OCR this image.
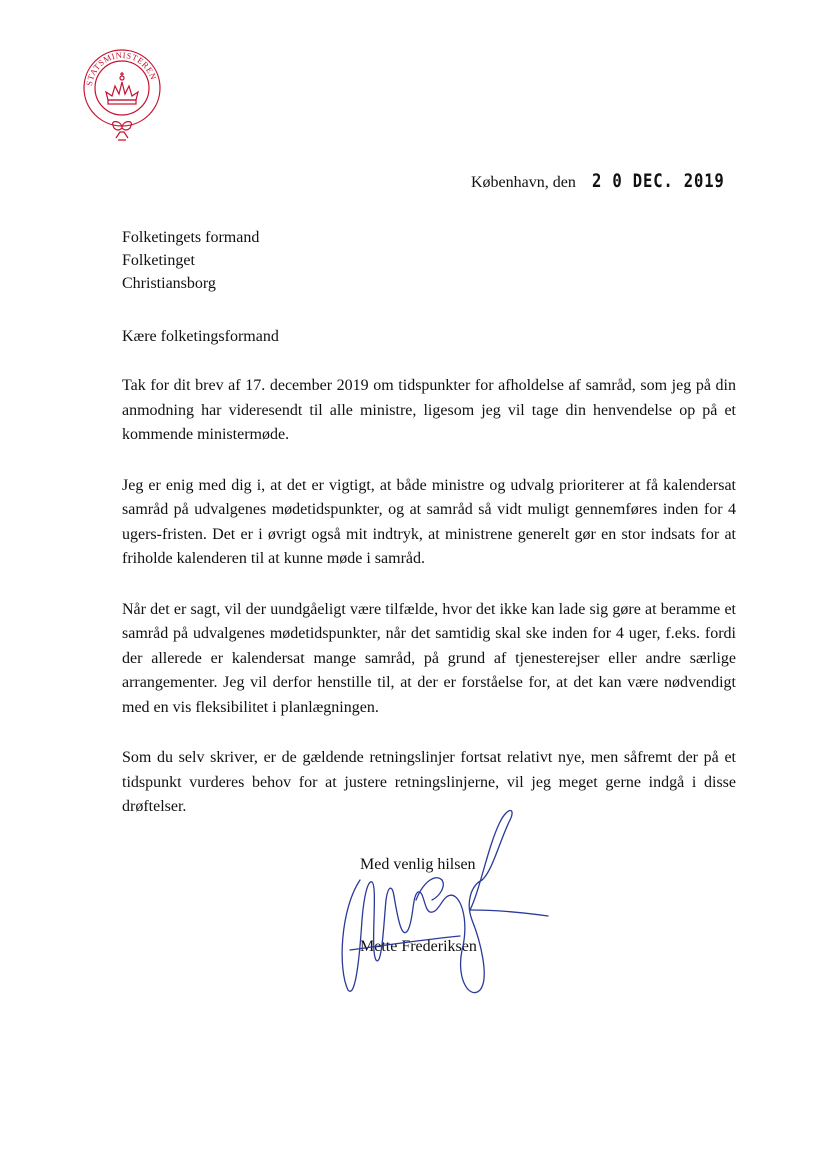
STATSMINISTEREN
København, den 2 0 DEC. 2019
Folketingets formand
Folketinget
Christiansborg
Kære folketingsformand

Tak for dit brev af 17. december 2019 om tidspunkter for afholdelse af samråd, som jeg på din anmodning har videresendt til alle ministre, ligesom jeg vil tage din henvendelse op på et kommende ministermøde.

Jeg er enig med dig i, at det er vigtigt, at både ministre og udvalg prioriterer at få kalendersat samråd på udvalgenes mødetidspunkter, og at samråd så vidt muligt gennemføres inden for 4 ugers-fristen. Det er i øvrigt også mit indtryk, at ministrene generelt gør en stor indsats for at friholde kalenderen til at kunne møde i samråd.

Når det er sagt, vil der uundgåeligt være tilfælde, hvor det ikke kan lade sig gøre at beramme et samråd på udvalgenes mødetidspunkter, når det samtidig skal ske inden for 4 uger, f.eks. fordi der allerede er kalendersat mange samråd, på grund af tjenesterejser eller andre særlige arrangementer. Jeg vil derfor henstille til, at der er forståelse for, at det kan være nødvendigt med en vis fleksibilitet i planlægningen.

Som du selv skriver, er de gældende retningslinjer fortsat relativt nye, men såfremt der på et tidspunkt vurderes behov for at justere retningslinjerne, vil jeg meget gerne indgå i disse drøftelser.

Med venlig hilsen
Mette Frederiksen
